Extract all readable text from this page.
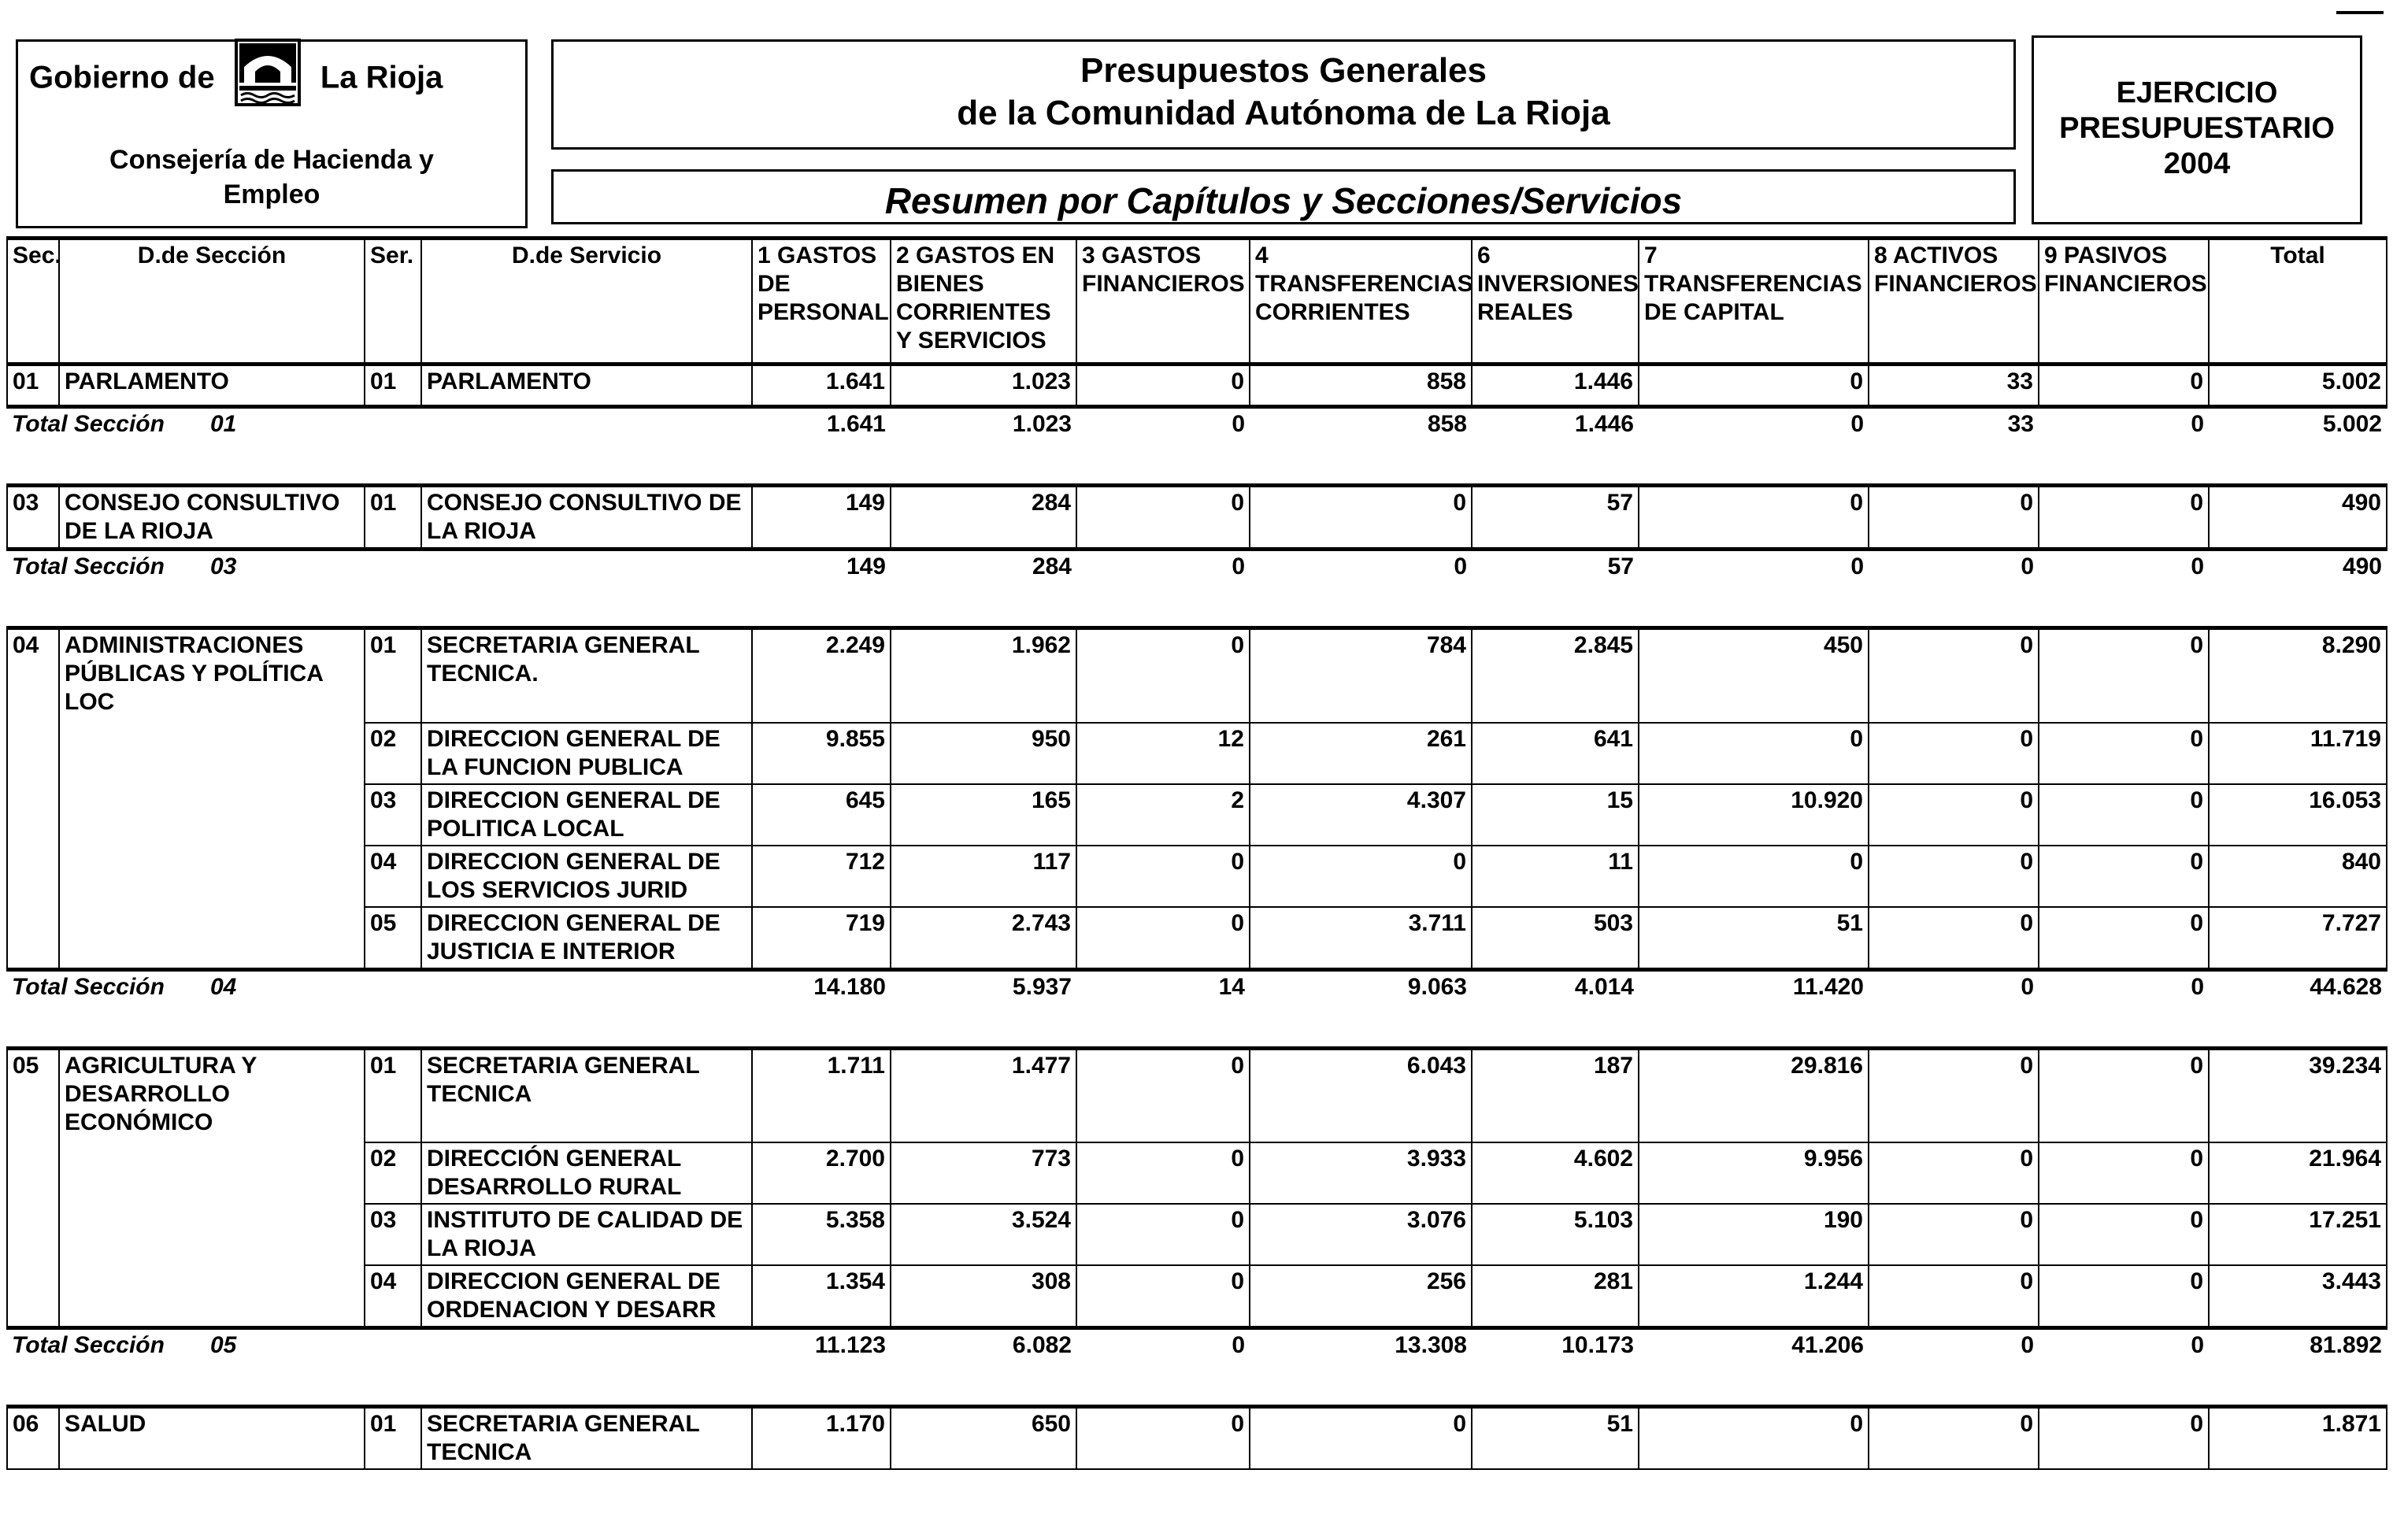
Gobierno de	La Rioja
Consejería de Hacienda y
Empleo
Presupuestos Generales
de la Comunidad Autónoma de La Rioja
Resumen por Capítulos y Secciones/Servicios
EJERCICIO
PRESUPUESTARIO
2004
Sec.	D.de Sección	Ser.	D.de Servicio	1 GASTOS DE PERSONAL	2 GASTOS EN BIENES CORRIENTES Y SERVICIOS	3 GASTOS FINANCIEROS	4 TRANSFERENCIAS CORRIENTES	6 INVERSIONES REALES	7 TRANSFERENCIAS DE CAPITAL	8 ACTIVOS FINANCIEROS	9 PASIVOS FINANCIEROS	Total
01	PARLAMENTO	01	PARLAMENTO	1.641	1.023	0	858	1.446	0	33	0	5.002
Total Sección 01				1.641	1.023	0	858	1.446	0	33	0	5.002
03	CONSEJO CONSULTIVO DE LA RIOJA	01	CONSEJO CONSULTIVO DE LA RIOJA	149	284	0	0	57	0	0	0	490
Total Sección 03				149	284	0	0	57	0	0	0	490
04	ADMINISTRACIONES PÚBLICAS Y POLÍTICA LOC	01	SECRETARIA GENERAL TECNICA.	2.249	1.962	0	784	2.845	450	0	0	8.290
		02	DIRECCION GENERAL DE LA FUNCION PUBLICA	9.855	950	12	261	641	0	0	0	11.719
		03	DIRECCION GENERAL DE POLITICA LOCAL	645	165	2	4.307	15	10.920	0	0	16.053
		04	DIRECCION GENERAL DE LOS SERVICIOS JURID	712	117	0	0	11	0	0	0	840
		05	DIRECCION GENERAL DE JUSTICIA E INTERIOR	719	2.743	0	3.711	503	51	0	0	7.727
Total Sección 04				14.180	5.937	14	9.063	4.014	11.420	0	0	44.628
05	AGRICULTURA Y DESARROLLO ECONÓMICO	01	SECRETARIA GENERAL TECNICA	1.711	1.477	0	6.043	187	29.816	0	0	39.234
		02	DIRECCIÓN GENERAL DESARROLLO RURAL	2.700	773	0	3.933	4.602	9.956	0	0	21.964
		03	INSTITUTO DE CALIDAD DE LA RIOJA	5.358	3.524	0	3.076	5.103	190	0	0	17.251
		04	DIRECCION GENERAL DE ORDENACION Y DESARR	1.354	308	0	256	281	1.244	0	0	3.443
Total Sección 05				11.123	6.082	0	13.308	10.173	41.206	0	0	81.892
06	SALUD	01	SECRETARIA GENERAL TECNICA	1.170	650	0	0	51	0	0	0	1.871
